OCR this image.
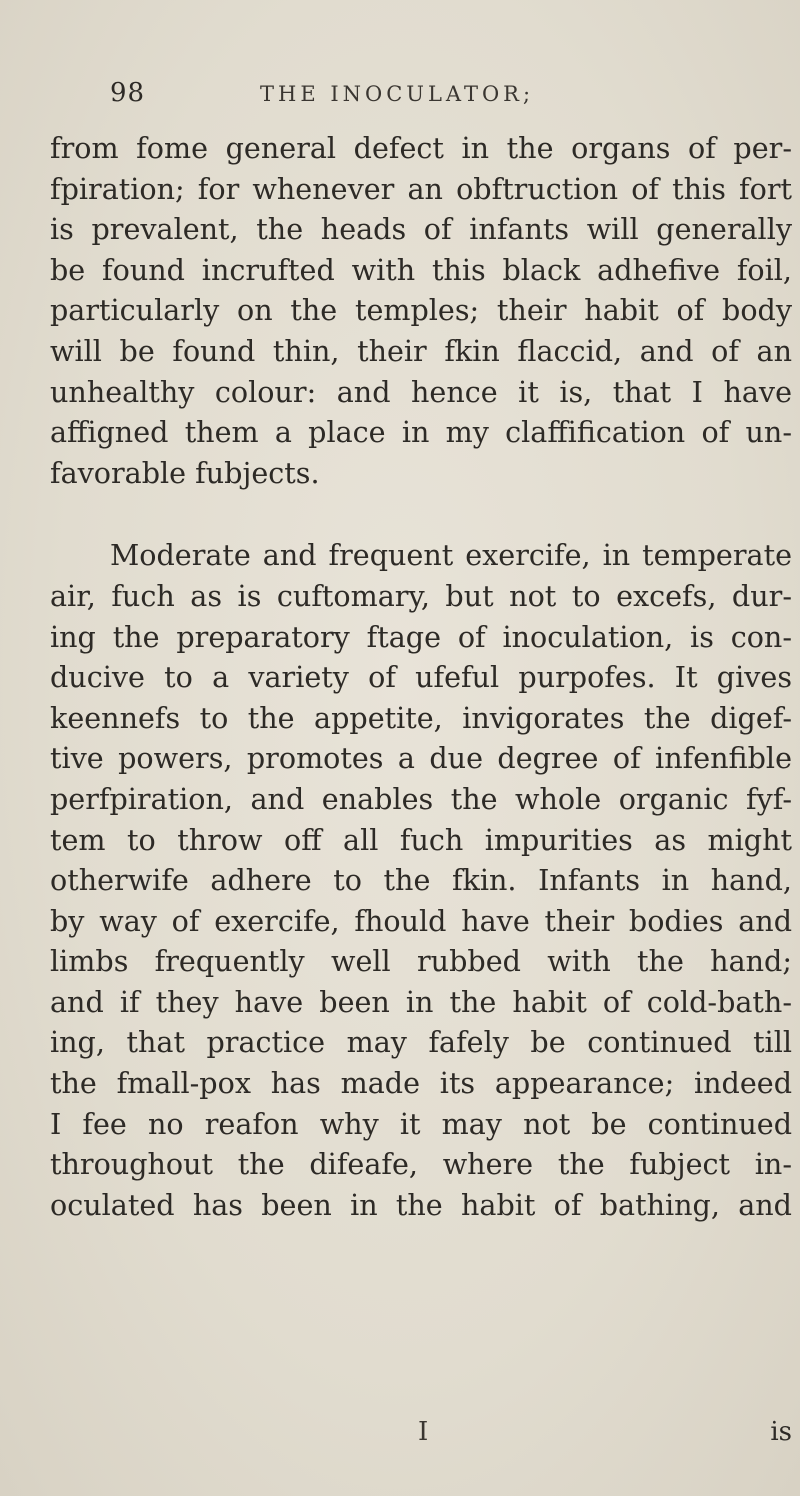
98	THE INOCULATOR;
from fome general defect in the organs of per-
fpiration; for whenever an obftruction of this fort
is prevalent, the heads of infants will generally
be found incrufted with this black adhefive foil,
particularly on the temples; their habit of body
will be found thin, their fkin flaccid, and of an
unhealthy colour: and hence it is, that I have
affigned them a place in my claffification of un-
favorable fubjects.
Moderate and frequent exercife, in temperate
air, fuch as is cuftomary, but not to excefs, dur-
ing the preparatory ftage of inoculation, is con-
ducive to a variety of ufeful purpofes. It gives
keennefs to the appetite, invigorates the digef-
tive powers, promotes a due degree of infenfible
perfpiration, and enables the whole organic fyf-
tem to throw off all fuch impurities as might
otherwife adhere to the fkin. Infants in hand,
by way of exercife, fhould have their bodies and
limbs frequently well rubbed with the hand;
and if they have been in the habit of cold-bath-
ing, that practice may fafely be continued till
the fmall-pox has made its appearance; indeed
I fee no reafon why it may not be continued
throughout the difeafe, where the fubject in-
oculated has been in the habit of bathing, and
I	is
